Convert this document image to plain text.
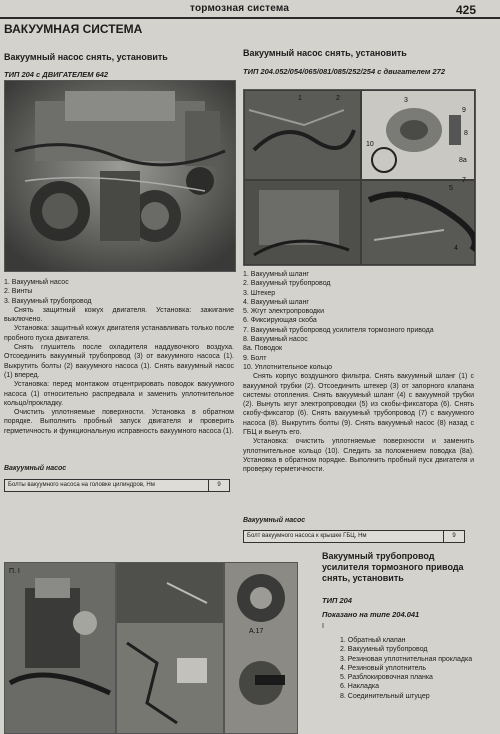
тормозная система	425
ВАКУУМНАЯ СИСТЕМА
Вакуумный насос снять, установить
ТИП 204 с ДВИГАТЕЛЕМ 642
Вакуумный насос снять, установить
ТИП 204.052/054/065/081/085/252/254 с двигателем 272
1	2	3
4
5
6
7
8
8а
9
10
1. Вакуумный насос
2. Винты
3. Вакуумный трубопровод

Снять защитный кожух двигателя. Установка: зажигание выключено.

Установка: защитный кожух двигателя устанавливать только после пробного пуска двигателя.

Снять глушитель после охладителя наддувочного воздуха. Отсоединить вакуумный трубопровод (3) от вакуумного насоса (1). Выкрутить болты (2) вакуумного насоса (1). Снять вакуумный насос (1) вперед.

Установка: перед монтажом отцентрировать поводок вакуумного насоса (1) относительно распредвала и заменить уплотнительное кольцо/прокладку.

Очистить уплотняемые поверхности. Установка в обратном порядке. Выполнить пробный запуск двигателя и проверить герметичность и функциональную исправность вакуумного насоса (1).

Вакуумный насос
Болты вакуумного насоса на головке цилиндров, Нм	9
1. Вакуумный шланг
2. Вакуумный трубопровод
3. Штекер
4. Вакуумный шланг
5. Жгут электропроводки
6. Фиксирующая скоба
7. Вакуумный трубопровод усилителя тормозного привода
8. Вакуумный насос
8а. Поводок
9. Болт
10. Уплотнительное кольцо

Снять корпус воздушного фильтра. Снять вакуумный шланг (1) с вакуумной трубки (2). Отсоединить штекер (3) от запорного клапана системы отопления. Снять вакуумный шланг (4) с вакуумной трубки (2). Вынуть жгут электропроводки (5) из скобы-фиксатора (6). Снять скобу-фиксатор (6). Снять вакуумный трубопровод (7) с вакуумного насоса (8). Выкрутить болты (9). Снять вакуумный насос (8) назад с ГБЦ и вынуть его.

Установка: очистить уплотняемые поверхности и заменить уплотнительное кольцо (10). Следить за положением поводка (8а). Установка в обратном порядке. Выполнить пробный пуск двигателя и проверку герметичности.

Вакуумный насос
Болт вакуумного насоса к крышке ГБЦ, Нм	9
П. I
А.17
Вакуумный трубопровод усилителя тормозного привода снять, установить
ТИП 204
Показано на типе 204.041
I
1. Обратный клапан
2. Вакуумный трубопровод

3. Резиновая уплотнительная прокладка

4. Резиновый уплотнитель
5. Разблокировочная планка
6. Накладка
8. Соединительный штуцер
